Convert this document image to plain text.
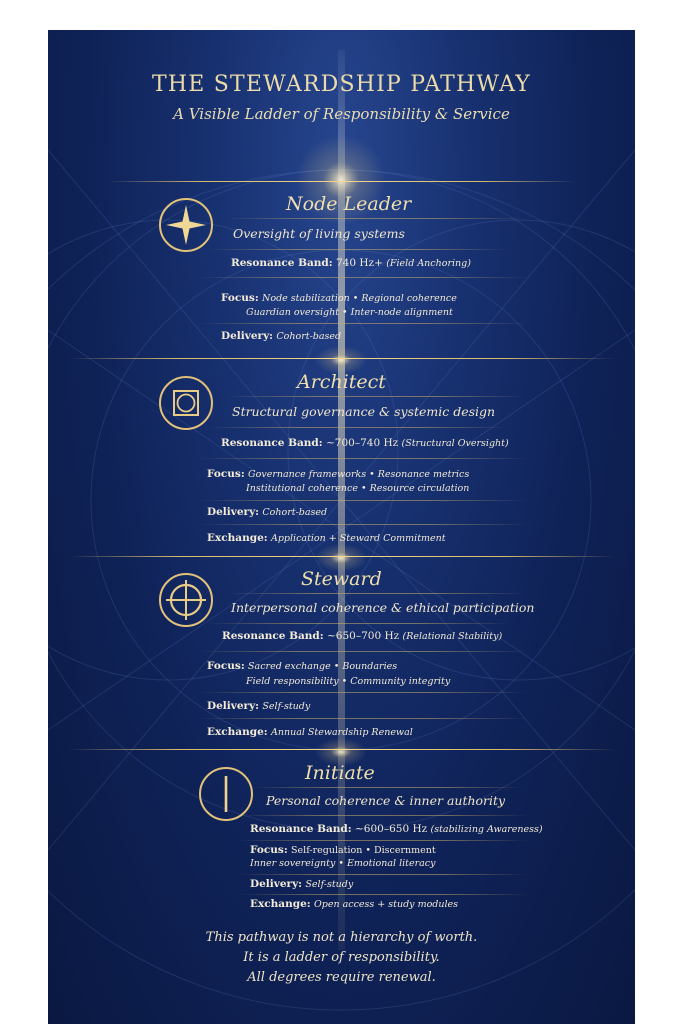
THE STEWARDSHIP PATHWAY
A Visible Ladder of Responsibility & Service
Node Leader
Oversight of living systems
Resonance Band: 740 Hz+ (Field Anchoring)
Focus: Node stabilization • Regional coherence
Guardian oversight • Inter-node alignment
Delivery: Cohort-based
Architect
Structural governance & systemic design
Resonance Band: ~700–740 Hz (Structural Oversight)
Focus: Governance frameworks • Resonance metrics
Institutional coherence • Resource circulation
Delivery: Cohort-based
Exchange: Application + Steward Commitment
Steward
Interpersonal coherence & ethical participation
Resonance Band: ~650–700 Hz (Relational Stability)
Focus: Sacred exchange • Boundaries
Field responsibility • Community integrity
Delivery: Self-study
Exchange: Annual Stewardship Renewal
Initiate
Personal coherence & inner authority
Resonance Band: ~600–650 Hz (stabilizing Awareness)
Focus: Self-regulation • Discernment
Inner sovereignty • Emotional literacy
Delivery: Self-study
Exchange: Open access + study modules
This pathway is not a hierarchy of worth.
It is a ladder of responsibility.
All degrees require renewal.
